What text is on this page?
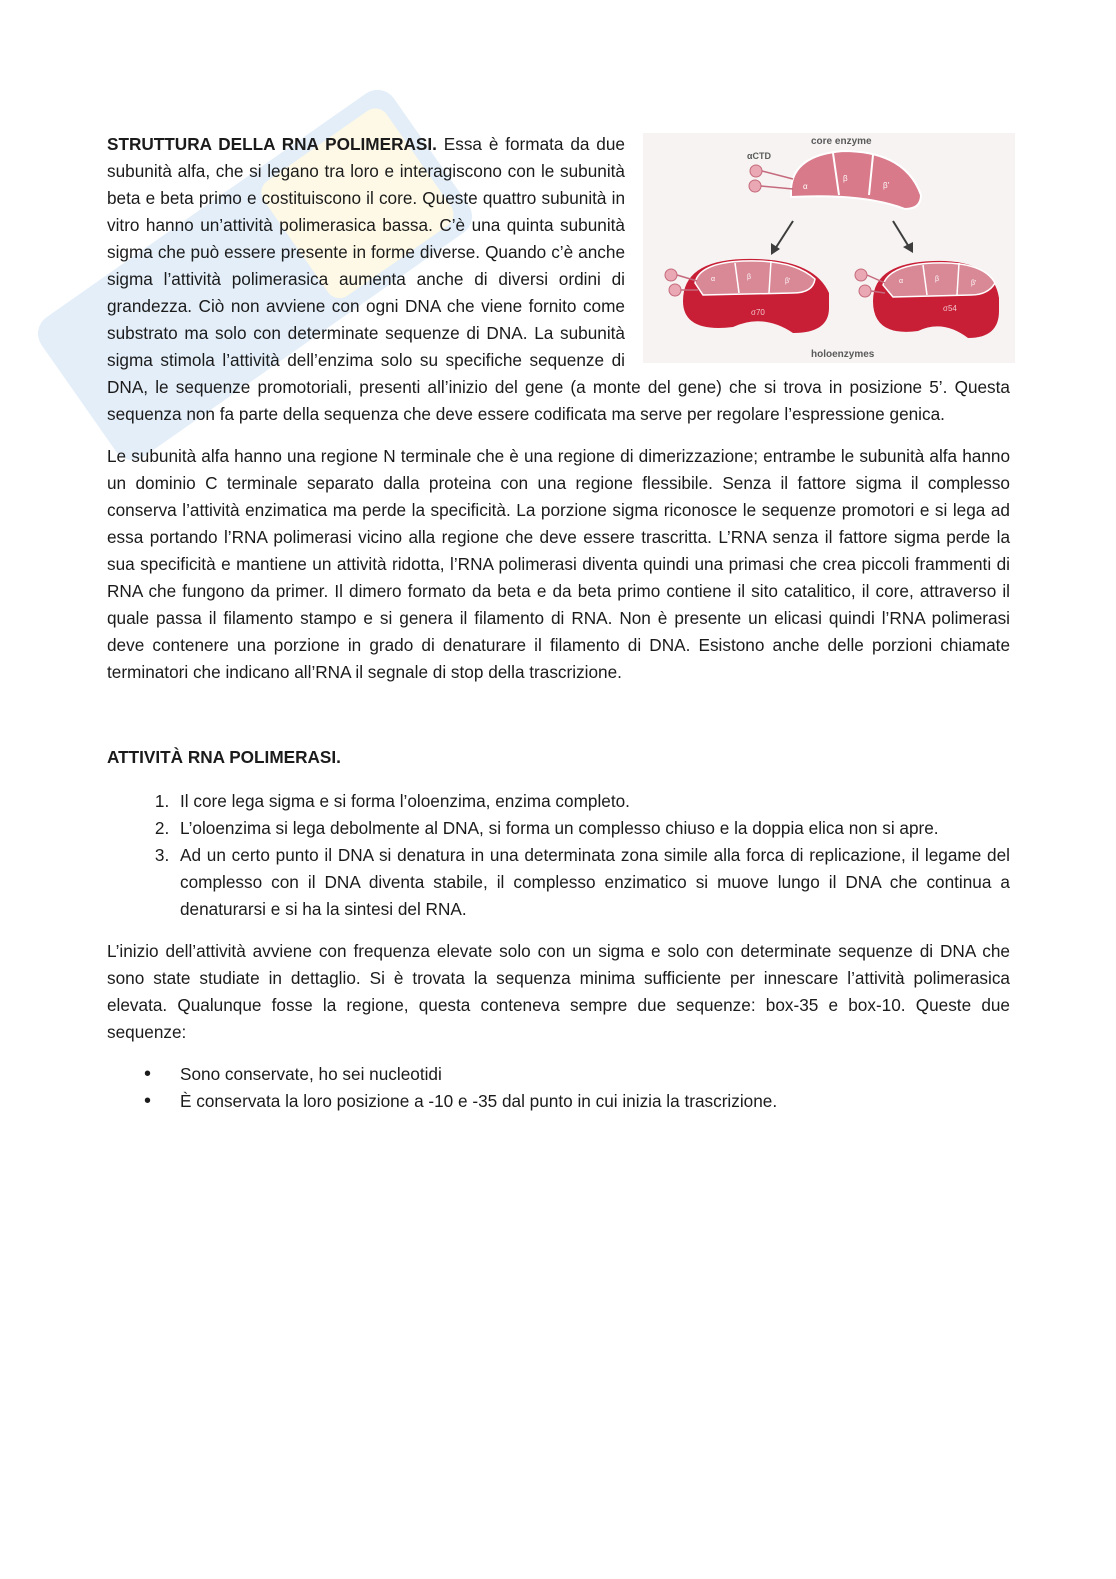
core enzyme
αCTD
β'
β
α
α	β
β'
σ70
α	β
β'
σ54
holoenzymes

STRUTTURA DELLA RNA POLIMERASI. Essa è formata da due subunità alfa, che si legano tra loro e interagiscono con le subunità beta e beta primo e costituiscono il core. Queste quattro subunità in vitro hanno un’attività polimerasica bassa. C’è una quinta subunità sigma che può essere presente in forme diverse. Quando c’è anche sigma l’attività polimerasica aumenta anche di diversi ordini di grandezza. Ciò non avviene con ogni DNA che viene fornito come substrato ma solo con determinate sequenze di DNA. La subunità sigma stimola l’attività dell’enzima solo su specifiche sequenze di DNA, le sequenze promotoriali, presenti all’inizio del gene (a monte del gene) che si trova in posizione 5’. Questa sequenza non fa parte della sequenza che deve essere codificata ma serve per regolare l’espressione genica.

Le subunità alfa hanno una regione N terminale che è una regione di dimerizzazione; entrambe le subunità alfa hanno un dominio C terminale separato dalla proteina con una regione flessibile. Senza il fattore sigma il complesso conserva l’attività enzimatica ma perde la specificità. La porzione sigma riconosce le sequenze promotori e si lega ad essa portando l’RNA polimerasi vicino alla regione che deve essere trascritta. L’RNA senza il fattore sigma perde la sua specificità e mantiene un attività ridotta, l’RNA polimerasi diventa quindi una primasi che crea piccoli frammenti di RNA che fungono da primer. Il dimero formato da beta e da beta primo contiene il sito catalitico, il core, attraverso il quale passa il filamento stampo e si genera il filamento di RNA. Non è presente un elicasi quindi l’RNA polimerasi deve contenere una porzione in grado di denaturare il filamento di DNA. Esistono anche delle porzioni chiamate terminatori che indicano all’RNA il segnale di stop della trascrizione.

ATTIVITÀ RNA POLIMERASI.

1. Il core lega sigma e si forma l’oloenzima, enzima completo.
2. L’oloenzima si lega debolmente al DNA, si forma un complesso chiuso e la doppia elica non si apre.
3. Ad un certo punto il DNA si denatura in una determinata zona simile alla forca di replicazione, il legame del complesso con il DNA diventa stabile, il complesso enzimatico si muove lungo il DNA che continua a denaturarsi e si ha la sintesi del RNA.

L’inizio dell’attività avviene con frequenza elevate solo con un sigma e solo con determinate sequenze di DNA che sono state studiate in dettaglio. Si è trovata la sequenza minima sufficiente per innescare l’attività polimerasica elevata. Qualunque fosse la regione, questa conteneva sempre due sequenze: box-35 e box-10. Queste due sequenze:

• Sono conservate, ho sei nucleotidi
• È conservata la loro posizione a -10 e -35 dal punto in cui inizia la trascrizione.
